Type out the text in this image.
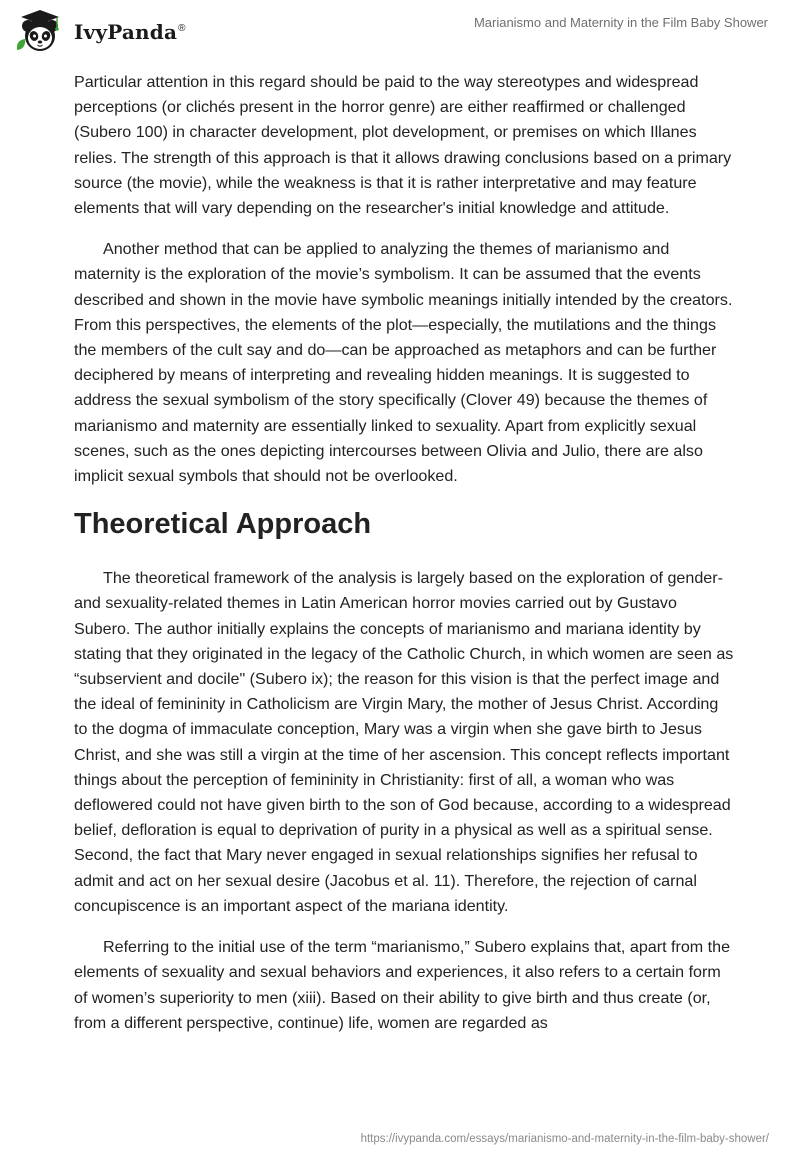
IvyPanda®	Marianismo and Maternity in the Film Baby Shower

Particular attention in this regard should be paid to the way stereotypes and widespread perceptions (or clichés present in the horror genre) are either reaffirmed or challenged (Subero 100) in character development, plot development, or premises on which Illanes relies. The strength of this approach is that it allows drawing conclusions based on a primary source (the movie), while the weakness is that it is rather interpretative and may feature elements that will vary depending on the researcher's initial knowledge and attitude.

Another method that can be applied to analyzing the themes of marianismo and maternity is the exploration of the movie’s symbolism. It can be assumed that the events described and shown in the movie have symbolic meanings initially intended by the creators. From this perspectives, the elements of the plot—especially, the mutilations and the things the members of the cult say and do—can be approached as metaphors and can be further deciphered by means of interpreting and revealing hidden meanings. It is suggested to address the sexual symbolism of the story specifically (Clover 49) because the themes of marianismo and maternity are essentially linked to sexuality. Apart from explicitly sexual scenes, such as the ones depicting intercourses between Olivia and Julio, there are also implicit sexual symbols that should not be overlooked.

Theoretical Approach

The theoretical framework of the analysis is largely based on the exploration of gender- and sexuality-related themes in Latin American horror movies carried out by Gustavo Subero. The author initially explains the concepts of marianismo and mariana identity by stating that they originated in the legacy of the Catholic Church, in which women are seen as “subservient and docile" (Subero ix); the reason for this vision is that the perfect image and the ideal of femininity in Catholicism are Virgin Mary, the mother of Jesus Christ. According to the dogma of immaculate conception, Mary was a virgin when she gave birth to Jesus Christ, and she was still a virgin at the time of her ascension. This concept reflects important things about the perception of femininity in Christianity: first of all, a woman who was deflowered could not have given birth to the son of God because, according to a widespread belief, defloration is equal to deprivation of purity in a physical as well as a spiritual sense. Second, the fact that Mary never engaged in sexual relationships signifies her refusal to admit and act on her sexual desire (Jacobus et al. 11). Therefore, the rejection of carnal concupiscence is an important aspect of the mariana identity.

Referring to the initial use of the term “marianismo,” Subero explains that, apart from the elements of sexuality and sexual behaviors and experiences, it also refers to a certain form of women’s superiority to men (xiii). Based on their ability to give birth and thus create (or, from a different perspective, continue) life, women are regarded as

https://ivypanda.com/essays/marianismo-and-maternity-in-the-film-baby-shower/
